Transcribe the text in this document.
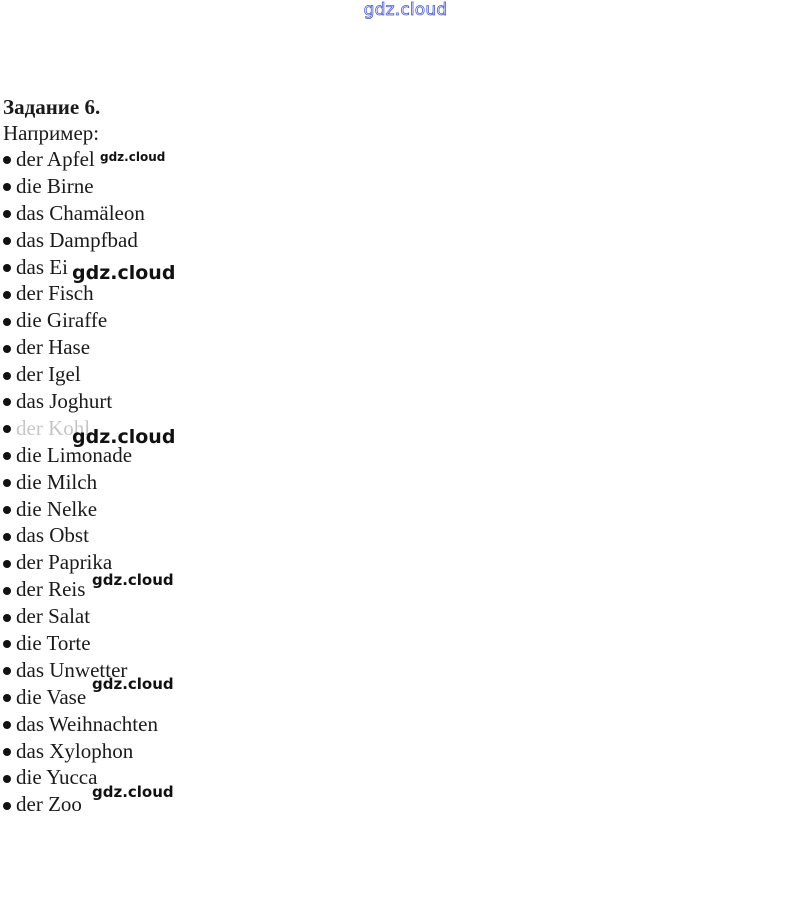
gdz.cloud
Задание 6.

Например:

der Apfel
die Birne
das Chamäleon
das Dampfbad
das Ei
der Fisch
die Giraffe
der Hase
der Igel
das Joghurt
die Limonade
die Milch
die Nelke
das Obst
der Paprika
der Reis
der Salat
die Torte
das Unwetter
die Vase
das Weihnachten
das Xylophon
die Yucca
der Zoo
gdz.cloud
gdz.cloud
gdz.cloud
gdz.cloud
gdz.cloud
gdz.cloud
